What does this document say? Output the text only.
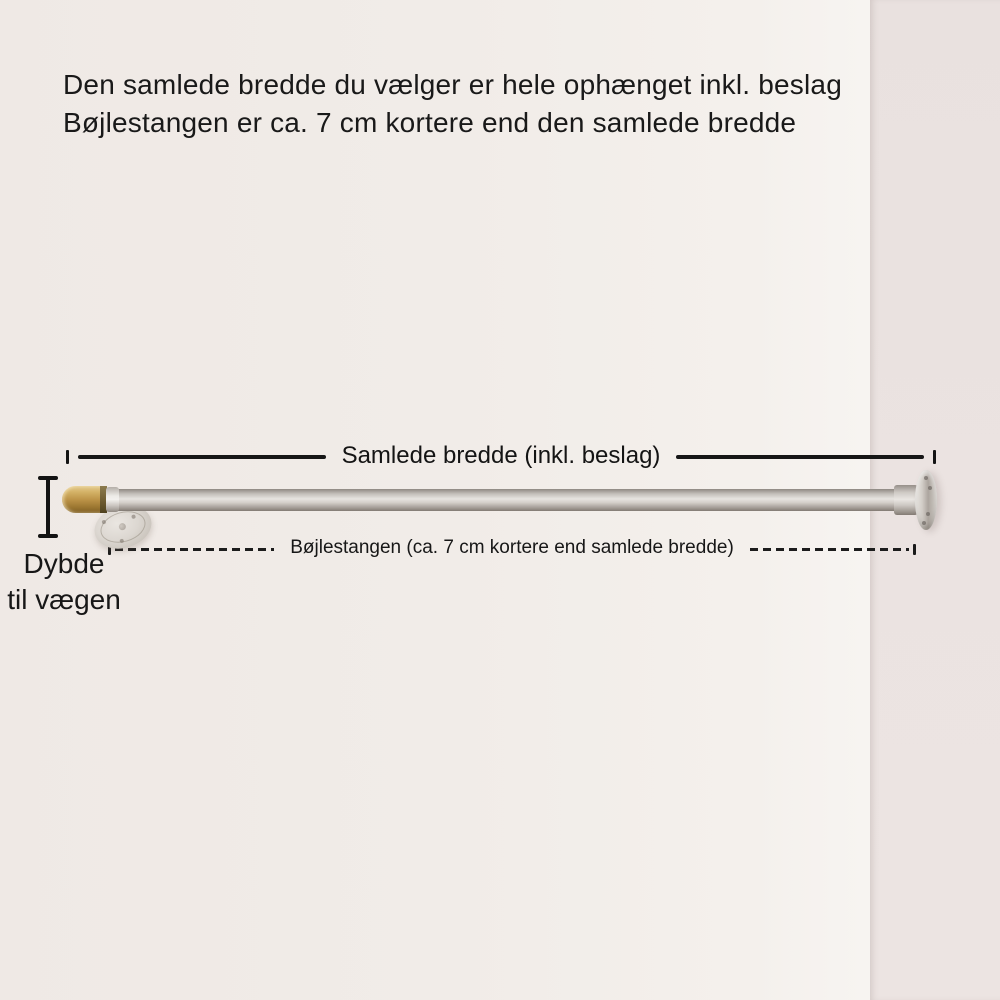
Den samlede bredde du vælger er hele ophænget inkl. beslag
Bøjlestangen er ca. 7 cm kortere end den samlede bredde
Samlede bredde (inkl. beslag)
Bøjlestangen (ca. 7 cm kortere end samlede bredde)
Dybde
til vægen
